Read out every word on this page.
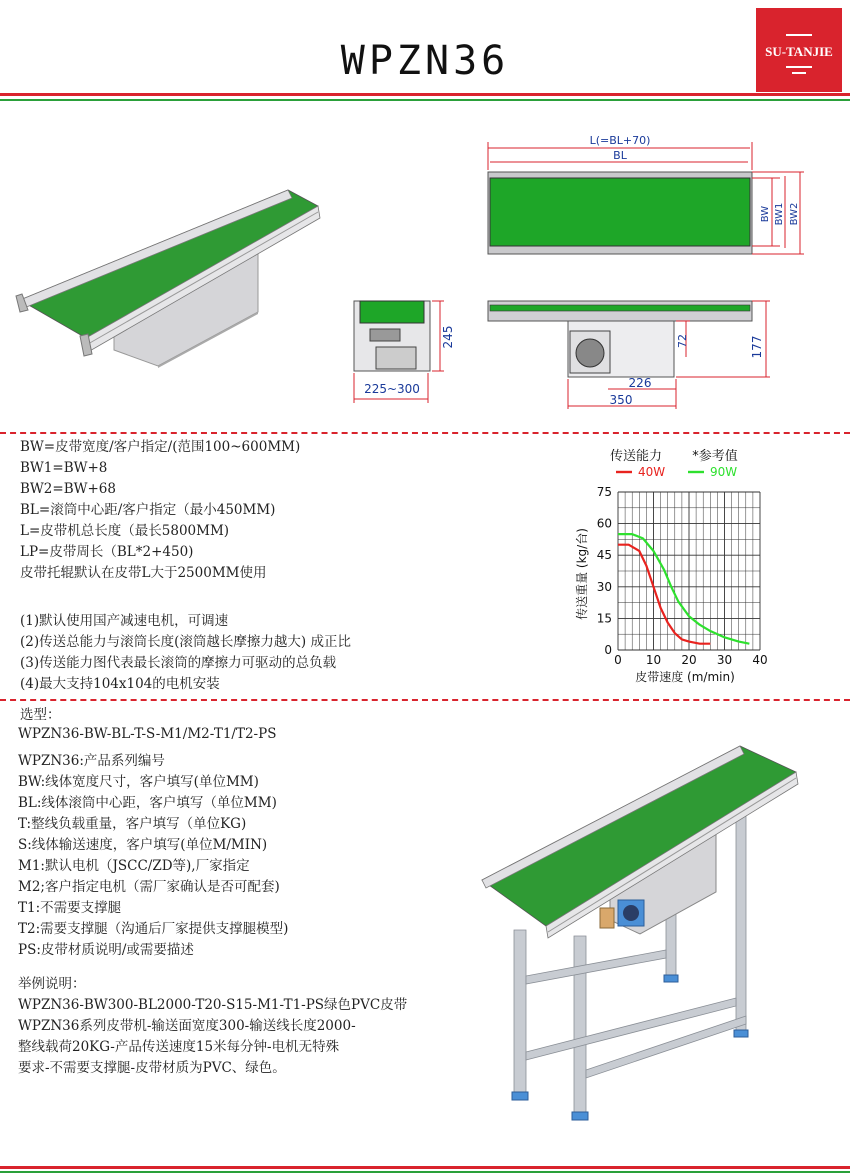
WPZN36	SU-TANJIE
L(=BL+70)
BL
BW BW1 BW2
245
225~300
72	177
226
350
BW=皮带宽度/客户指定/(范围100~600MM)
BW1=BW+8
BW2=BW+68
BL=滚筒中心距/客户指定（最小450MM)
L=皮带机总长度（最长5800MM)
LP=皮带周长（BL*2+450)
皮带托辊默认在皮带L大于2500MM使用
(1)默认使用国产减速电机，可调速
(2)传送总能力与滚筒长度(滚筒越长摩擦力越大) 成正比
(3)传送能力图代表最长滚筒的摩擦力可驱动的总负载
(4)最大支持104x104的电机安装
传送能力 *参考值
40W	90W
0
15
30
45
60
75
0 10 20 30 40
皮带速度 (m/min)
传送重量 (kg/台)
选型：
WPZN36-BW-BL-T-S-M1/M2-T1/T2-PS
WPZN36:产品系列编号
BW:线体宽度尺寸，客户填写(单位MM)
BL:线体滚筒中心距，客户填写（单位MM)
T:整线负载重量，客户填写（单位KG)
S:线体输送速度，客户填写(单位M/MIN)
M1:默认电机（JSCC/ZD等),厂家指定
M2;客户指定电机（需厂家确认是否可配套)
T1:不需要支撑腿
T2:需要支撑腿（沟通后厂家提供支撑腿模型)
PS:皮带材质说明/或需要描述
举例说明：
WPZN36-BW300-BL2000-T20-S15-M1-T1-PS绿色PVC皮带
WPZN36系列皮带机-输送面宽度300-输送线长度2000-
整线载荷20KG-产品传送速度15米每分钟-电机无特殊
要求-不需要支撑腿-皮带材质为PVC、绿色。
